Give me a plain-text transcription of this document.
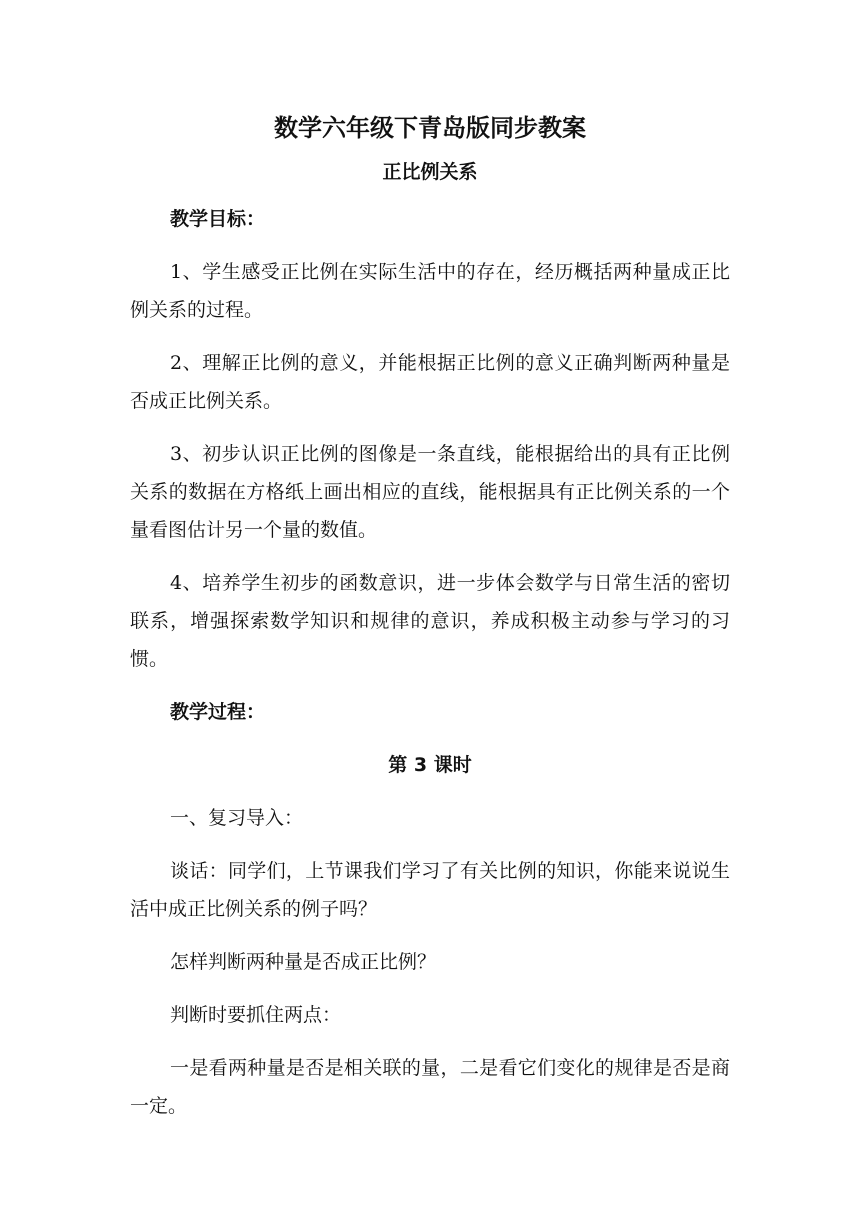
数学六年级下青岛版同步教案
正比例关系

教学目标：

1、学生感受正比例在实际生活中的存在，经历概括两种量成正比例关系的过程。

2、理解正比例的意义，并能根据正比例的意义正确判断两种量是否成正比例关系。

3、初步认识正比例的图像是一条直线，能根据给出的具有正比例关系的数据在方格纸上画出相应的直线，能根据具有正比例关系的一个量看图估计另一个量的数值。

4、培养学生初步的函数意识，进一步体会数学与日常生活的密切联系，增强探索数学知识和规律的意识，养成积极主动参与学习的习惯。

教学过程：

第 3 课时

一、复习导入：

谈话：同学们，上节课我们学习了有关比例的知识，你能来说说生活中成正比例关系的例子吗？

怎样判断两种量是否成正比例？

判断时要抓住两点：

一是看两种量是否是相关联的量，二是看它们变化的规律是否是商一定。
